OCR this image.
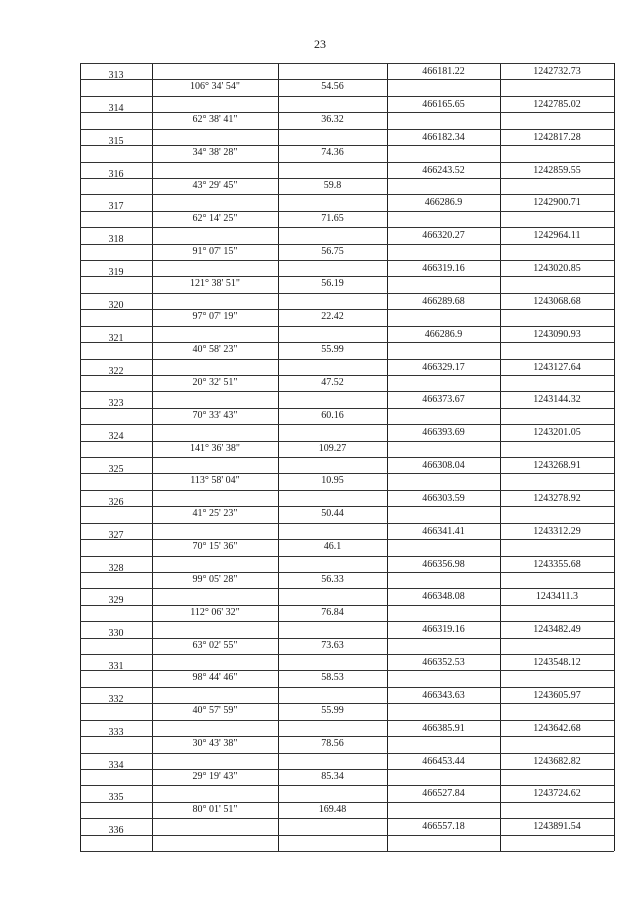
23
313	466181.22	1242732.73
106° 34' 54"	54.56
314	466165.65	1242785.02
62° 38' 41"	36.32
315	466182.34	1242817.28
34° 38' 28"	74.36
316	466243.52	1242859.55
43° 29' 45"	59.8
317	466286.9	1242900.71
62° 14' 25"	71.65
318	466320.27	1242964.11
91° 07' 15"	56.75
319	466319.16	1243020.85
121° 38' 51"	56.19
320	466289.68	1243068.68
97° 07' 19"	22.42
321	466286.9	1243090.93
40° 58' 23"	55.99
322	466329.17	1243127.64
20° 32' 51"	47.52
323	466373.67	1243144.32
70° 33' 43"	60.16
324	466393.69	1243201.05
141° 36' 38"	109.27
325	466308.04	1243268.91
113° 58' 04"	10.95
326	466303.59	1243278.92
41° 25' 23"	50.44
327	466341.41	1243312.29
70° 15' 36"	46.1
328	466356.98	1243355.68
99° 05' 28"	56.33
329	466348.08	1243411.3
112° 06' 32"	76.84
330	466319.16	1243482.49
63° 02' 55"	73.63
331	466352.53	1243548.12
98° 44' 46"	58.53
332	466343.63	1243605.97
40° 57' 59"	55.99
333	466385.91	1243642.68
30° 43' 38"	78.56
334	466453.44	1243682.82
29° 19' 43"	85.34
335	466527.84	1243724.62
80° 01' 51"	169.48
336	466557.18	1243891.54
